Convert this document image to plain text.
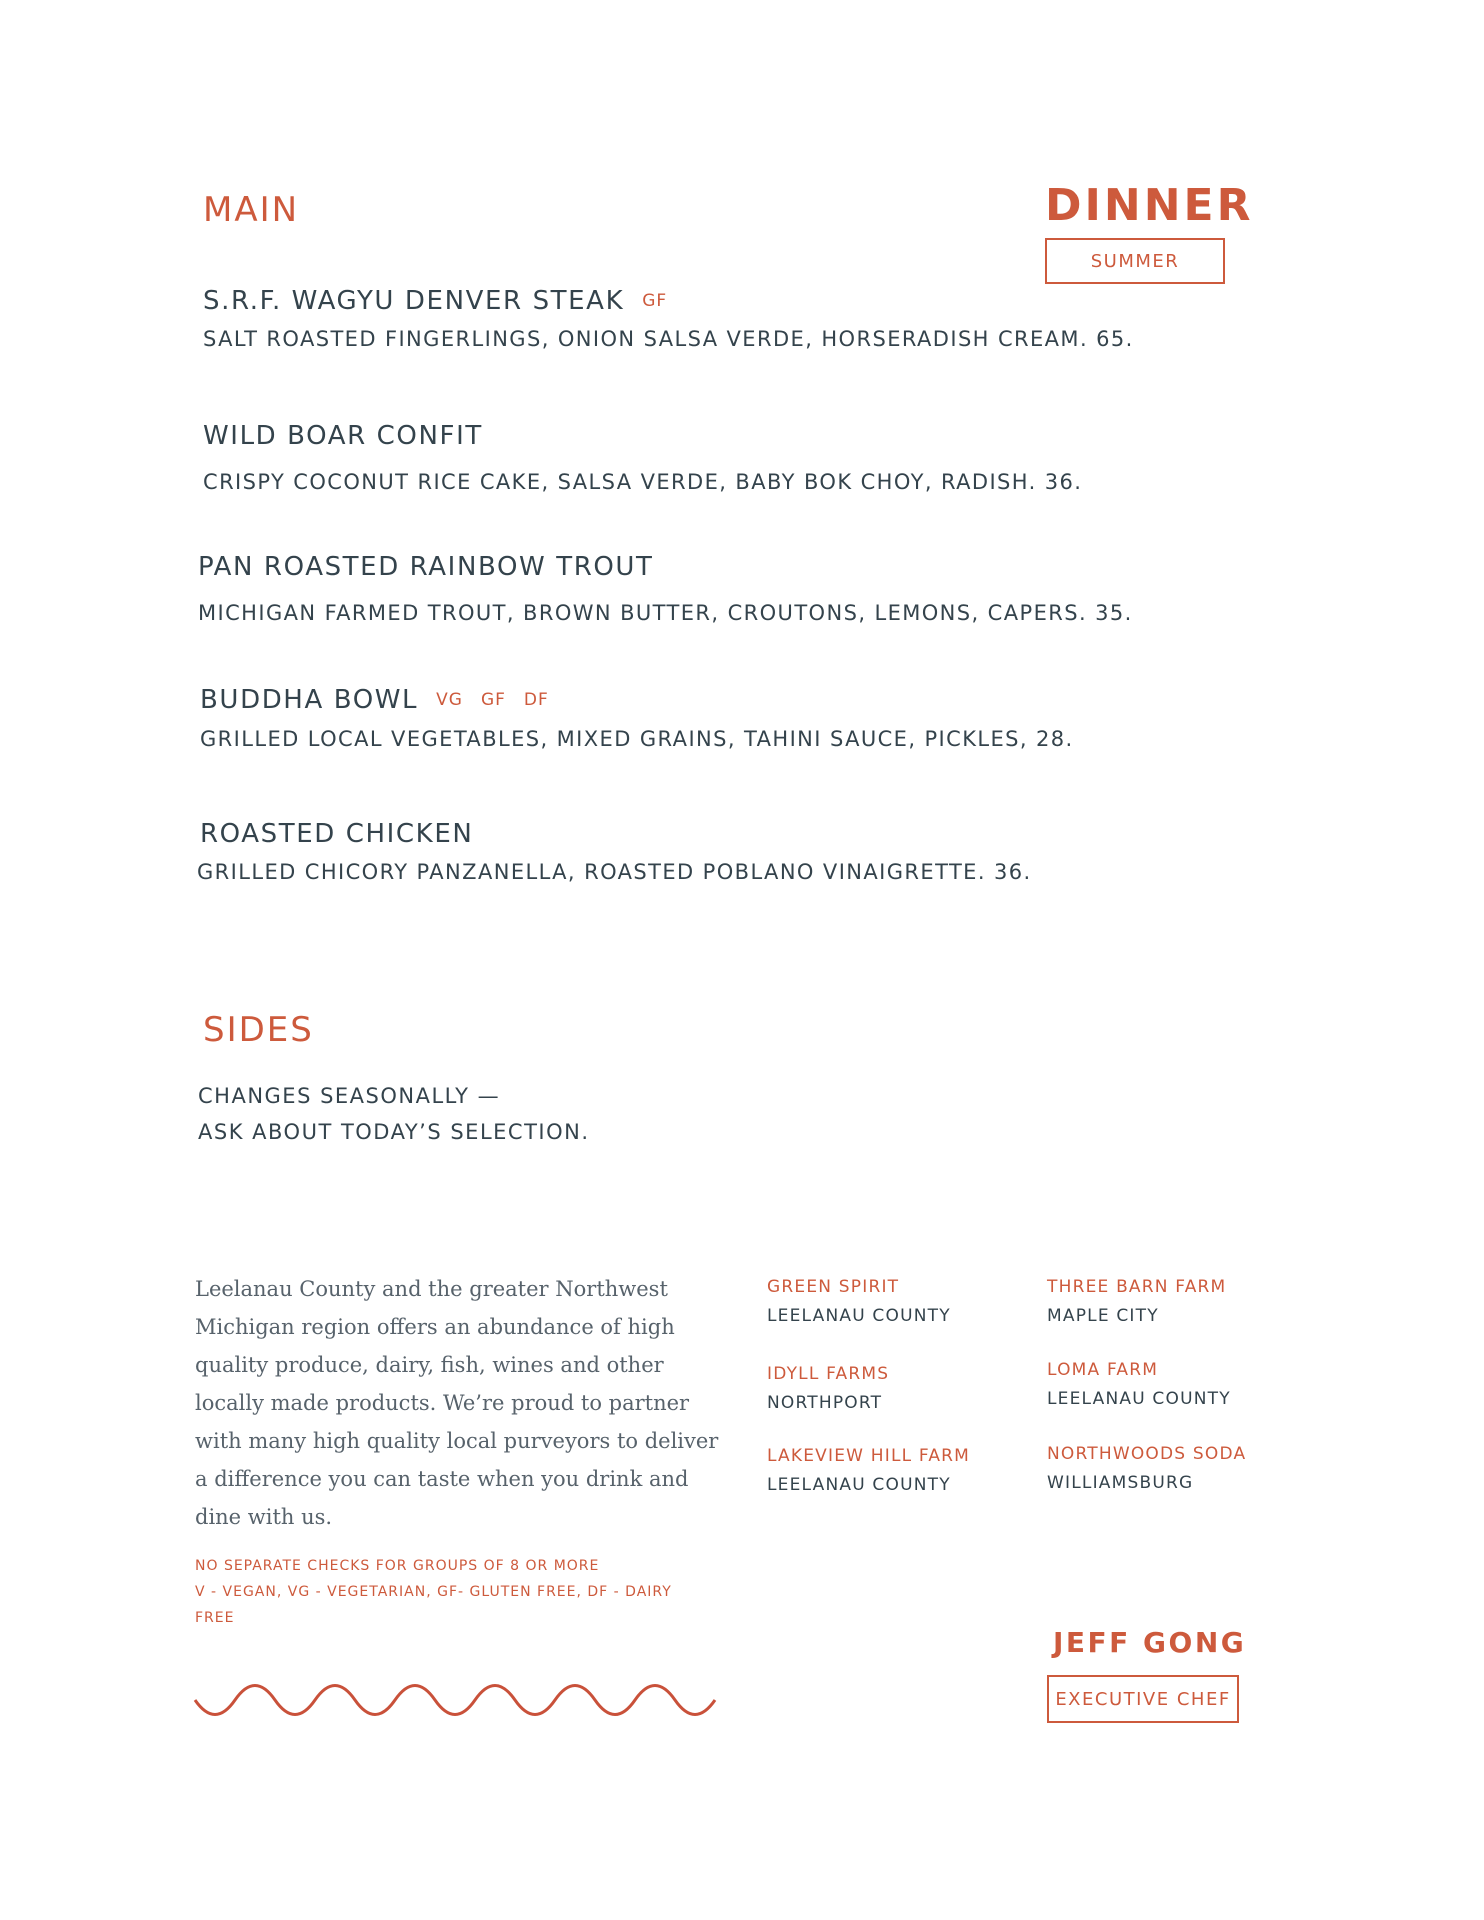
MAIN	DINNER
SUMMER
S.R.F. WAGYU DENVER STEAK GF
SALT ROASTED FINGERLINGS, ONION SALSA VERDE, HORSERADISH CREAM. 65.
WILD BOAR CONFIT
CRISPY COCONUT RICE CAKE, SALSA VERDE, BABY BOK CHOY, RADISH. 36.
PAN ROASTED RAINBOW TROUT
MICHIGAN FARMED TROUT, BROWN BUTTER, CROUTONS, LEMONS, CAPERS. 35.
BUDDHA BOWL VG GF DF
GRILLED LOCAL VEGETABLES, MIXED GRAINS, TAHINI SAUCE, PICKLES, 28.
ROASTED CHICKEN
GRILLED CHICORY PANZANELLA, ROASTED POBLANO VINAIGRETTE. 36.
SIDES
CHANGES SEASONALLY —
ASK ABOUT TODAY’S SELECTION.
Leelanau County and the greater Northwest Michigan region offers an abundance of high quality produce, dairy, fish, wines and other locally made products. We’re proud to partner with many high quality local purveyors to deliver a difference you can taste when you drink and dine with us.
GREEN SPIRIT
LEELANAU COUNTY
IDYLL FARMS
NORTHPORT
LAKEVIEW HILL FARM
LEELANAU COUNTY
THREE BARN FARM
MAPLE CITY
LOMA FARM
LEELANAU COUNTY
NORTHWOODS SODA
WILLIAMSBURG
NO SEPARATE CHECKS FOR GROUPS OF 8 OR MORE
V - VEGAN, VG - VEGETARIAN, GF- GLUTEN FREE, DF - DAIRY FREE
JEFF GONG
EXECUTIVE CHEF
